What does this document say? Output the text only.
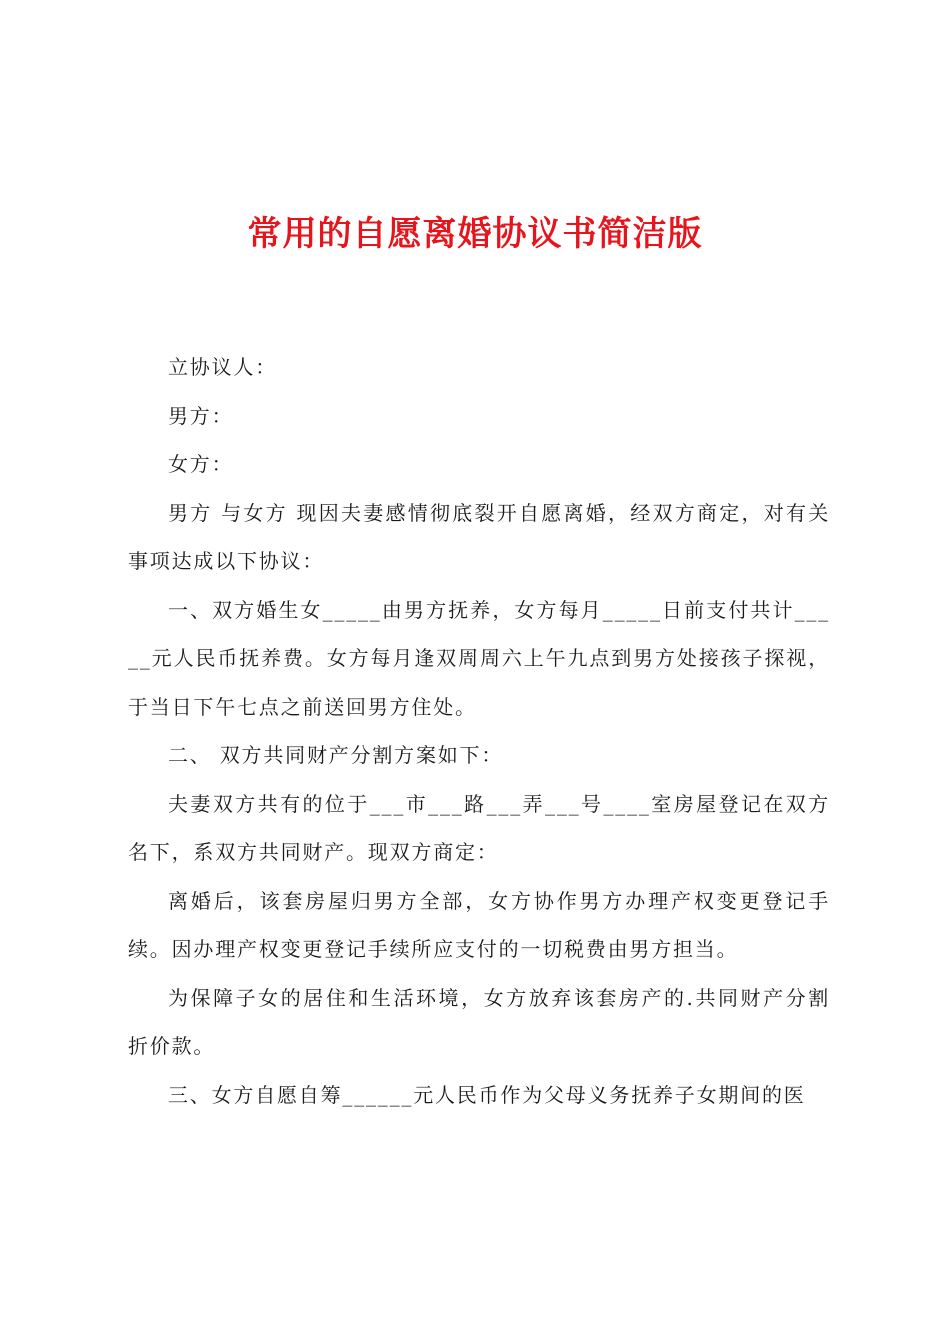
常用的自愿离婚协议书简洁版

立协议人：

男方：

女方：

男方 与女方 现因夫妻感情彻底裂开自愿离婚，经双方商定，对有关事项达成以下协议：

一、双方婚生女_____由男方抚养，女方每月_____日前支付共计_____元人民币抚养费。女方每月逢双周周六上午九点到男方处接孩子探视，于当日下午七点之前送回男方住处。

二、 双方共同财产分割方案如下：

夫妻双方共有的位于___市___路___弄___号____室房屋登记在双方名下，系双方共同财产。现双方商定：

离婚后，该套房屋归男方全部，女方协作男方办理产权变更登记手续。因办理产权变更登记手续所应支付的一切税费由男方担当。

为保障子女的居住和生活环境，女方放弃该套房产的.共同财产分割折价款。

三、女方自愿自筹______元人民币作为父母义务抚养子女期间的医
